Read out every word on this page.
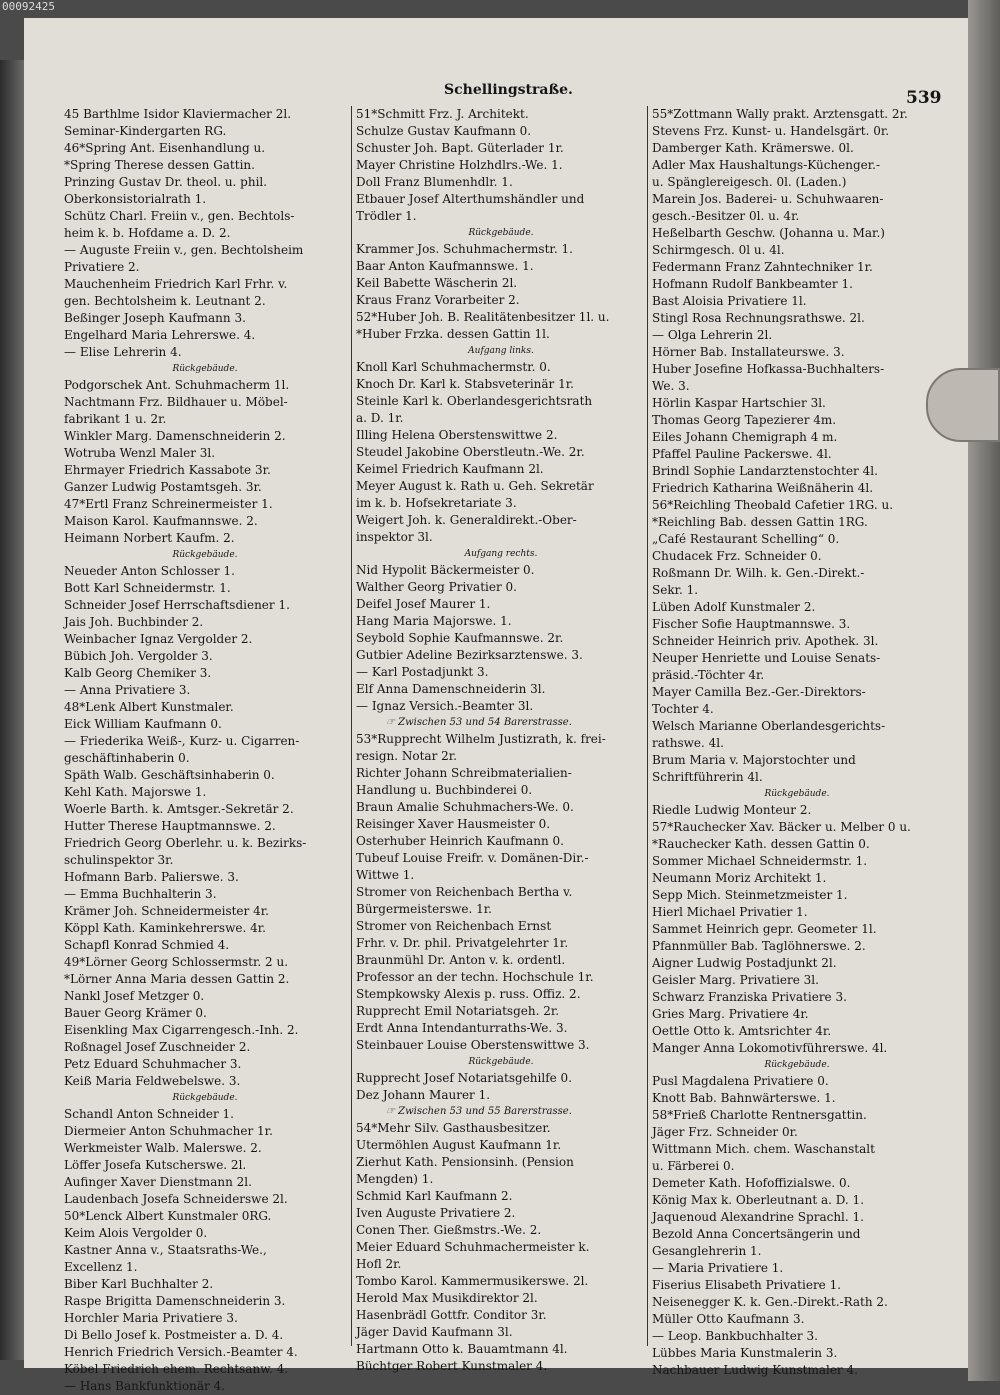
00092425
Schellingstraße.	539

45 Barthlme Isidor Klaviermacher 2l.

Seminar-Kindergarten RG.

46*Spring Ant. Eisenhandlung u.

*Spring Therese dessen Gattin.

Prinzing Gustav Dr. theol. u. phil.
Oberkonsistorialrath 1.

Schütz Charl. Freiin v., gen. Bechtols-
heim k. b. Hofdame a. D. 2.

— Auguste Freiin v., gen. Bechtolsheim
Privatiere 2.

Mauchenheim Friedrich Karl Frhr. v.
gen. Bechtolsheim k. Leutnant 2.

Beßinger Joseph Kaufmann 3.

Engelhard Maria Lehrerswe. 4.

— Elise Lehrerin 4.

Rückgebäude.

Podgorschek Ant. Schuhmacherm 1l.

Nachtmann Frz. Bildhauer u. Möbel-
fabrikant 1 u. 2r.

Winkler Marg. Damenschneiderin 2.

Wotruba Wenzl Maler 3l.

Ehrmayer Friedrich Kassabote 3r.

Ganzer Ludwig Postamtsgeh. 3r.

47*Ertl Franz Schreinermeister 1.

Maison Karol. Kaufmannswe. 2.

Heimann Norbert Kaufm. 2.

Rückgebäude.

Neueder Anton Schlosser 1.

Bott Karl Schneidermstr. 1.

Schneider Josef Herrschaftsdiener 1.

Jais Joh. Buchbinder 2.

Weinbacher Ignaz Vergolder 2.

Bübich Joh. Vergolder 3.

Kalb Georg Chemiker 3.

— Anna Privatiere 3.

48*Lenk Albert Kunstmaler.

Eick William Kaufmann 0.

— Friederika Weiß-, Kurz- u. Cigarren-
geschäftinhaberin 0.

Späth Walb. Geschäftsinhaberin 0.

Kehl Kath. Majorswe 1.

Woerle Barth. k. Amtsger.-Sekretär 2.

Hutter Therese Hauptmannswe. 2.

Friedrich Georg Oberlehr. u. k. Bezirks-
schulinspektor 3r.

Hofmann Barb. Palierswe. 3.

— Emma Buchhalterin 3.

Krämer Joh. Schneidermeister 4r.

Köppl Kath. Kaminkehrerswe. 4r.

Schapfl Konrad Schmied 4.

49*Lörner Georg Schlossermstr. 2 u.

*Lörner Anna Maria dessen Gattin 2.

Nankl Josef Metzger 0.

Bauer Georg Krämer 0.

Eisenkling Max Cigarrengesch.-Inh. 2.

Roßnagel Josef Zuschneider 2.

Petz Eduard Schuhmacher 3.

Keiß Maria Feldwebelswe. 3.

Rückgebäude.

Schandl Anton Schneider 1.

Diermeier Anton Schuhmacher 1r.

Werkmeister Walb. Malerswe. 2.

Löffer Josefa Kutscherswe. 2l.

Aufinger Xaver Dienstmann 2l.

Laudenbach Josefa Schneiderswe 2l.

50*Lenck Albert Kunstmaler 0RG.

Keim Alois Vergolder 0.

Kastner Anna v., Staatsraths-We.,
Excellenz 1.

Biber Karl Buchhalter 2.

Raspe Brigitta Damenschneiderin 3.

Horchler Maria Privatiere 3.

Di Bello Josef k. Postmeister a. D. 4.

Henrich Friedrich Versich.-Beamter 4.

Köbel Friedrich ehem. Rechtsanw. 4.

— Hans Bankfunktionär 4.

51*Schmitt Frz. J. Architekt.

Schulze Gustav Kaufmann 0.

Schuster Joh. Bapt. Güterlader 1r.

Mayer Christine Holzhdlrs.-We. 1.

Doll Franz Blumenhdlr. 1.

Etbauer Josef Alterthumshändler und
Trödler 1.

Rückgebäude.

Krammer Jos. Schuhmachermstr. 1.

Baar Anton Kaufmannswe. 1.

Keil Babette Wäscherin 2l.

Kraus Franz Vorarbeiter 2.

52*Huber Joh. B. Realitätenbesitzer 1l. u.

*Huber Frzka. dessen Gattin 1l.

Aufgang links.

Knoll Karl Schuhmachermstr. 0.

Knoch Dr. Karl k. Stabsveterinär 1r.

Steinle Karl k. Oberlandesgerichtsrath
a. D. 1r.

Illing Helena Oberstenswittwe 2.

Steudel Jakobine Oberstleutn.-We. 2r.

Keimel Friedrich Kaufmann 2l.

Meyer August k. Rath u. Geh. Sekretär
im k. b. Hofsekretariate 3.

Weigert Joh. k. Generaldirekt.-Ober-
inspektor 3l.

Aufgang rechts.

Nid Hypolit Bäckermeister 0.

Walther Georg Privatier 0.

Deifel Josef Maurer 1.

Hang Maria Majorswe. 1.

Seybold Sophie Kaufmannswe. 2r.

Gutbier Adeline Bezirksarztenswe. 3.

— Karl Postadjunkt 3.

Elf Anna Damenschneiderin 3l.

— Ignaz Versich.-Beamter 3l.

☞ Zwischen 53 und 54 Barerstrasse.

53*Rupprecht Wilhelm Justizrath, k. frei-
resign. Notar 2r.

Richter Johann Schreibmaterialien-
Handlung u. Buchbinderei 0.

Braun Amalie Schuhmachers-We. 0.

Reisinger Xaver Hausmeister 0.

Osterhuber Heinrich Kaufmann 0.

Tubeuf Louise Freifr. v. Domänen-Dir.-
Wittwe 1.

Stromer von Reichenbach Bertha v.
Bürgermeisterswe. 1r.

Stromer von Reichenbach Ernst
Frhr. v. Dr. phil. Privatgelehrter 1r.

Braunmühl Dr. Anton v. k. ordentl.
Professor an der techn. Hochschule 1r.

Stempkowsky Alexis p. russ. Offiz. 2.

Rupprecht Emil Notariatsgeh. 2r.

Erdt Anna Intendanturraths-We. 3.

Steinbauer Louise Oberstenswittwe 3.

Rückgebäude.

Rupprecht Josef Notariatsgehilfe 0.

Dez Johann Maurer 1.

☞ Zwischen 53 und 55 Barerstrasse.

54*Mehr Silv. Gasthausbesitzer.

Utermöhlen August Kaufmann 1r.

Zierhut Kath. Pensionsinh. (Pension
Mengden) 1.

Schmid Karl Kaufmann 2.

Iven Auguste Privatiere 2.

Conen Ther. Gießmstrs.-We. 2.

Meier Eduard Schuhmachermeister k.
Hofl 2r.

Tombo Karol. Kammermusikerswe. 2l.

Herold Max Musikdirektor 2l.

Hasenbrädl Gottfr. Conditor 3r.

Jäger David Kaufmann 3l.

Hartmann Otto k. Bauamtmann 4l.

Büchtger Robert Kunstmaler 4.

55*Zottmann Wally prakt. Arztensgatt. 2r.

Stevens Frz. Kunst- u. Handelsgärt. 0r.

Damberger Kath. Krämerswe. 0l.

Adler Max Haushaltungs-Küchenger.-
u. Spänglereigesch. 0l. (Laden.)

Marein Jos. Baderei- u. Schuhwaaren-
gesch.-Besitzer 0l. u. 4r.

Heßelbarth Geschw. (Johanna u. Mar.)
Schirmgesch. 0l u. 4l.

Federmann Franz Zahntechniker 1r.

Hofmann Rudolf Bankbeamter 1.

Bast Aloisia Privatiere 1l.

Stingl Rosa Rechnungsrathswe. 2l.

— Olga Lehrerin 2l.

Hörner Bab. Installateurswe. 3.

Huber Josefine Hofkassa-Buchhalters-
We. 3.

Hörlin Kaspar Hartschier 3l.

Thomas Georg Tapezierer 4m.

Eiles Johann Chemigraph 4 m.

Pfaffel Pauline Packerswe. 4l.

Brindl Sophie Landarztenstochter 4l.

Friedrich Katharina Weißnäherin 4l.

56*Reichling Theobald Cafetier 1RG. u.

*Reichling Bab. dessen Gattin 1RG.

„Café Restaurant Schelling“ 0.

Chudacek Frz. Schneider 0.

Roßmann Dr. Wilh. k. Gen.-Direkt.-
Sekr. 1.

Lüben Adolf Kunstmaler 2.

Fischer Sofie Hauptmannswe. 3.

Schneider Heinrich priv. Apothek. 3l.

Neuper Henriette und Louise Senats-
präsid.-Töchter 4r.

Mayer Camilla Bez.-Ger.-Direktors-
Tochter 4.

Welsch Marianne Oberlandesgerichts-
rathswe. 4l.

Brum Maria v. Majorstochter und
Schriftführerin 4l.

Rückgebäude.

Riedle Ludwig Monteur 2.

57*Rauchecker Xav. Bäcker u. Melber 0 u.

*Rauchecker Kath. dessen Gattin 0.

Sommer Michael Schneidermstr. 1.

Neumann Moriz Architekt 1.

Sepp Mich. Steinmetzmeister 1.

Hierl Michael Privatier 1.

Sammet Heinrich gepr. Geometer 1l.

Pfannmüller Bab. Taglöhnerswe. 2.

Aigner Ludwig Postadjunkt 2l.

Geisler Marg. Privatiere 3l.

Schwarz Franziska Privatiere 3.

Gries Marg. Privatiere 4r.

Oettle Otto k. Amtsrichter 4r.

Manger Anna Lokomotivführerswe. 4l.

Rückgebäude.

Pusl Magdalena Privatiere 0.

Knott Bab. Bahnwärterswe. 1.

58*Frieß Charlotte Rentnersgattin.

Jäger Frz. Schneider 0r.

Wittmann Mich. chem. Waschanstalt
u. Färberei 0.

Demeter Kath. Hofoffizialswe. 0.

König Max k. Oberleutnant a. D. 1.

Jaquenoud Alexandrine Sprachl. 1.

Bezold Anna Concertsängerin und
Gesanglehrerin 1.

— Maria Privatiere 1.

Fiserius Elisabeth Privatiere 1.

Neisenegger K. k. Gen.-Direkt.-Rath 2.

Müller Otto Kaufmann 3.

— Leop. Bankbuchhalter 3.

Lübbes Maria Kunstmalerin 3.

Nachbauer Ludwig Kunstmaler 4.
